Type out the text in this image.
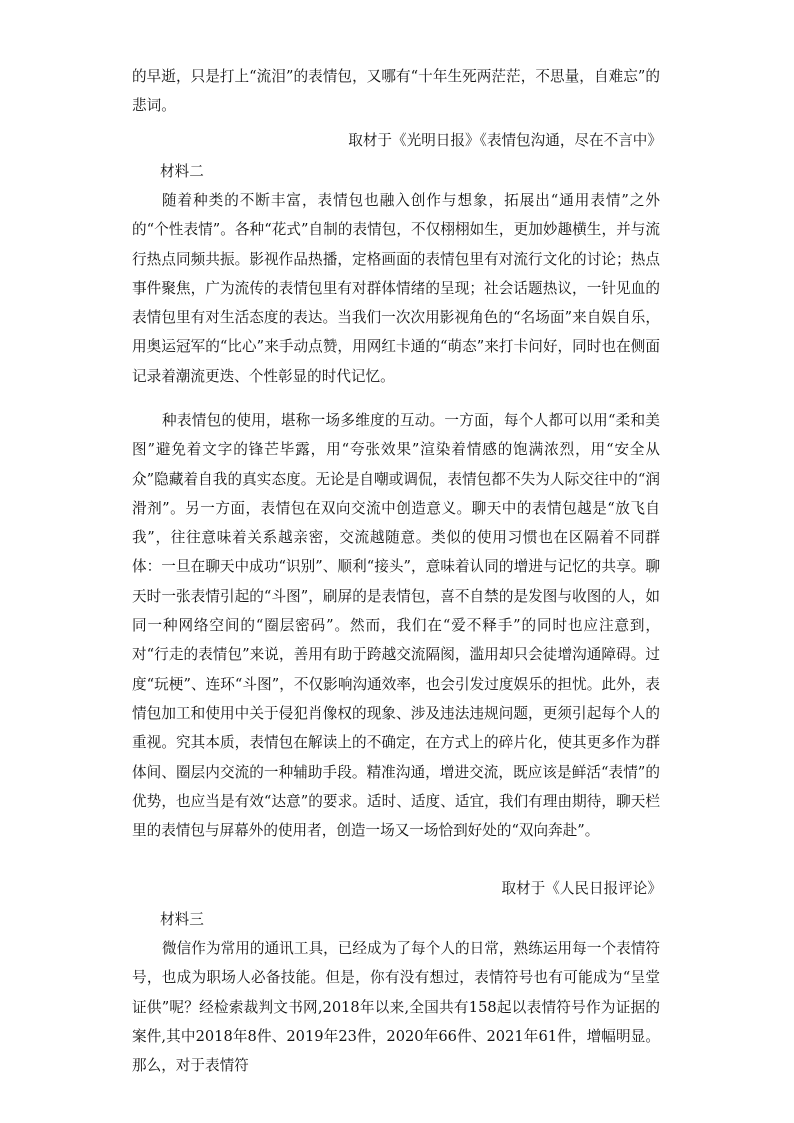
的早逝，只是打上“流泪”的表情包，又哪有“十年生死两茫茫，不思量，自难忘”的悲词。

取材于《光明日报》《表情包沟通，尽在不言中》

材料二

随着种类的不断丰富，表情包也融入创作与想象，拓展出“通用表情”之外的“个性表情”。各种“花式”自制的表情包，不仅栩栩如生，更加妙趣横生，并与流行热点同频共振。影视作品热播，定格画面的表情包里有对流行文化的讨论；热点事件聚焦，广为流传的表情包里有对群体情绪的呈现；社会话题热议，一针见血的表情包里有对生活态度的表达。当我们一次次用影视角色的“名场面”来自娱自乐，用奥运冠军的“比心”来手动点赞，用网红卡通的“萌态”来打卡问好，同时也在侧面记录着潮流更迭、个性彰显的时代记忆。

种表情包的使用，堪称一场多维度的互动。一方面，每个人都可以用“柔和美图”避免着文字的锋芒毕露，用“夸张效果”渲染着情感的饱满浓烈，用“安全从众”隐藏着自我的真实态度。无论是自嘲或调侃，表情包都不失为人际交往中的“润滑剂”。另一方面，表情包在双向交流中创造意义。聊天中的表情包越是“放飞自我”，往往意味着关系越亲密，交流越随意。类似的使用习惯也在区隔着不同群体：一旦在聊天中成功“识别”、顺利“接头”，意味着认同的增进与记忆的共享。聊天时一张表情引起的“斗图”，刷屏的是表情包，喜不自禁的是发图与收图的人，如同一种网络空间的“圈层密码”。然而，我们在“爱不释手”的同时也应注意到，对“行走的表情包”来说，善用有助于跨越交流隔阂，滥用却只会徒增沟通障碍。过度“玩梗”、连环“斗图”，不仅影响沟通效率，也会引发过度娱乐的担忧。此外，表情包加工和使用中关于侵犯肖像权的现象、涉及违法违规问题，更须引起每个人的重视。究其本质，表情包在解读上的不确定，在方式上的碎片化，使其更多作为群体间、圈层内交流的一种辅助手段。精准沟通，增进交流，既应该是鲜活“表情”的优势，也应当是有效“达意”的要求。适时、适度、适宜，我们有理由期待，聊天栏里的表情包与屏幕外的使用者，创造一场又一场恰到好处的“双向奔赴”。

取材于《人民日报评论》

材料三

微信作为常用的通讯工具，已经成为了每个人的日常，熟练运用每一个表情符号，也成为职场人必备技能。但是，你有没有想过，表情符号也有可能成为“呈堂证供”呢？经检索裁判文书网,2018年以来,全国共有158起以表情符号作为证据的案件,其中2018年8件、2019年23件，2020年66件、2021年61件，增幅明显。那么，对于表情符
